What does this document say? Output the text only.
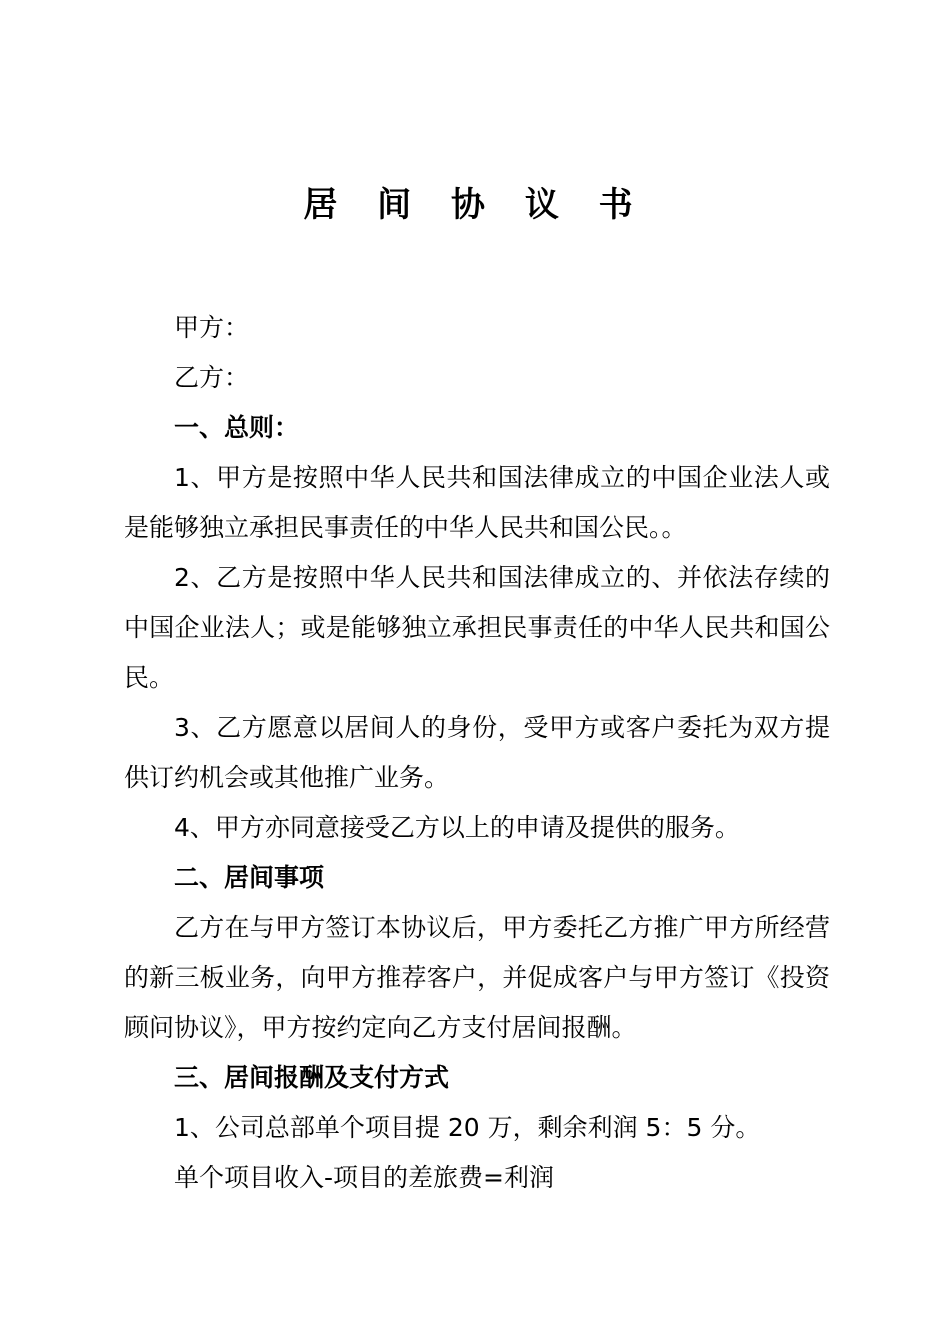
居 间 协 议 书

甲方：

乙方：

一、总则：

1、甲方是按照中华人民共和国法律成立的中国企业法人或是能够独立承担民事责任的中华人民共和国公民。。

2、乙方是按照中华人民共和国法律成立的、并依法存续的中国企业法人；或是能够独立承担民事责任的中华人民共和国公民。

3、乙方愿意以居间人的身份，受甲方或客户委托为双方提供订约机会或其他推广业务。

4、甲方亦同意接受乙方以上的申请及提供的服务。

二、居间事项

乙方在与甲方签订本协议后，甲方委托乙方推广甲方所经营的新三板业务，向甲方推荐客户，并促成客户与甲方签订《投资顾问协议》，甲方按约定向乙方支付居间报酬。

三、居间报酬及支付方式

1、公司总部单个项目提 20 万，剩余利润 5：5 分。

单个项目收入-项目的差旅费=利润
